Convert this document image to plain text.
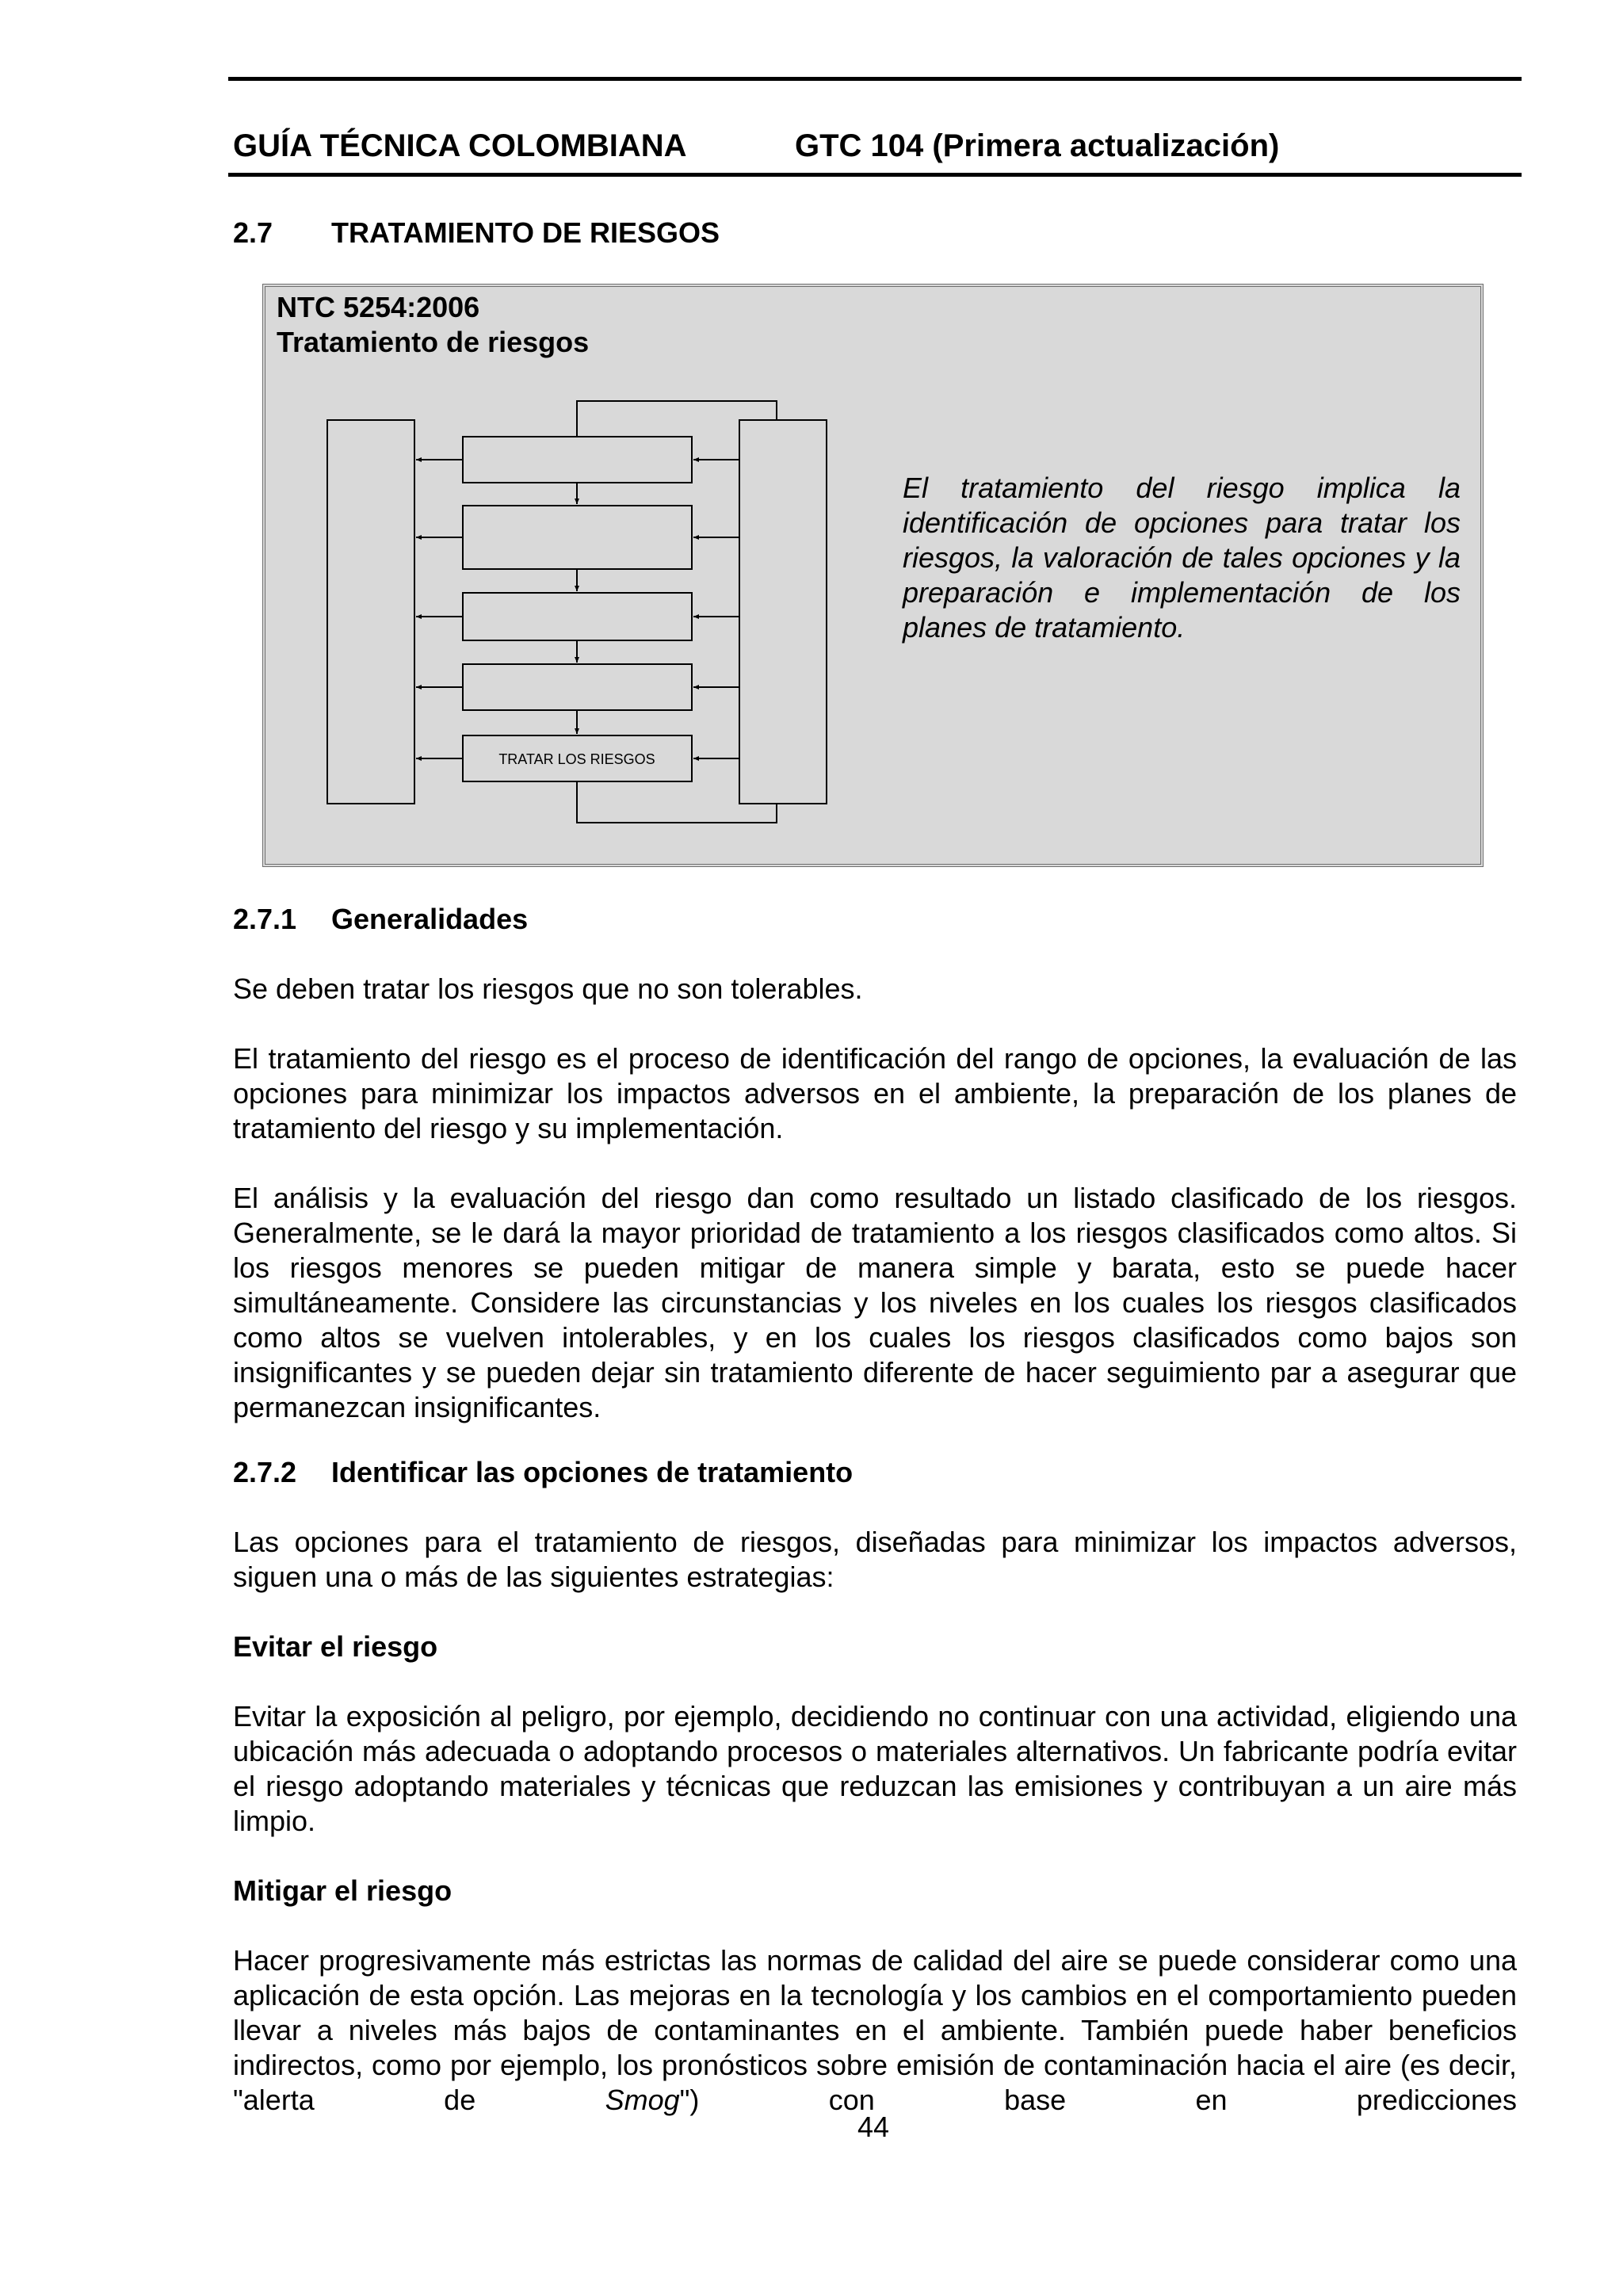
GUÍA TÉCNICA COLOMBIANA	GTC 104 (Primera actualización)
2.7 TRATAMIENTO DE RIESGOS
NTC 5254:2006
Tratamiento de riesgos
TRATAR LOS RIESGOS
El tratamiento del riesgo implica la identificación de opciones para tratar los riesgos, la valoración de tales opciones y la preparación e implementación de los planes de tratamiento.
2.7.1 Generalidades
Se deben tratar los riesgos que no son tolerables.
El tratamiento del riesgo es el proceso de identificación del rango de opciones, la evaluación de las opciones para minimizar los impactos adversos en el ambiente, la preparación de los planes de tratamiento del riesgo y su implementación.
El análisis y la evaluación del riesgo dan como resultado un listado clasificado de los riesgos. Generalmente, se le dará la mayor prioridad de tratamiento a los riesgos clasificados como altos. Si los riesgos menores se pueden mitigar de manera simple y barata, esto se puede hacer simultáneamente. Considere las circunstancias y los niveles en los cuales los riesgos clasificados como altos se vuelven intolerables, y en los cuales los riesgos clasificados como bajos son insignificantes y se pueden dejar sin tratamiento diferente de hacer seguimiento par a asegurar que permanezcan insignificantes.
2.7.2 Identificar las opciones de tratamiento
Las opciones para el tratamiento de riesgos, diseñadas para minimizar los impactos adversos, siguen una o más de las siguientes estrategias:
Evitar el riesgo
Evitar la exposición al peligro, por ejemplo, decidiendo no continuar con una actividad, eligiendo una ubicación más adecuada o adoptando procesos o materiales alternativos. Un fabricante podría evitar el riesgo adoptando materiales y técnicas que reduzcan las emisiones y contribuyan a un aire más limpio.
Mitigar el riesgo
Hacer progresivamente más estrictas las normas de calidad del aire se puede considerar como una aplicación de esta opción. Las mejoras en la tecnología y los cambios en el comportamiento pueden llevar a niveles más bajos de contaminantes en el ambiente. También puede haber beneficios indirectos, como por ejemplo, los pronósticos sobre emisión de contaminación hacia el aire (es decir, "alerta de Smog") con base en predicciones
44
